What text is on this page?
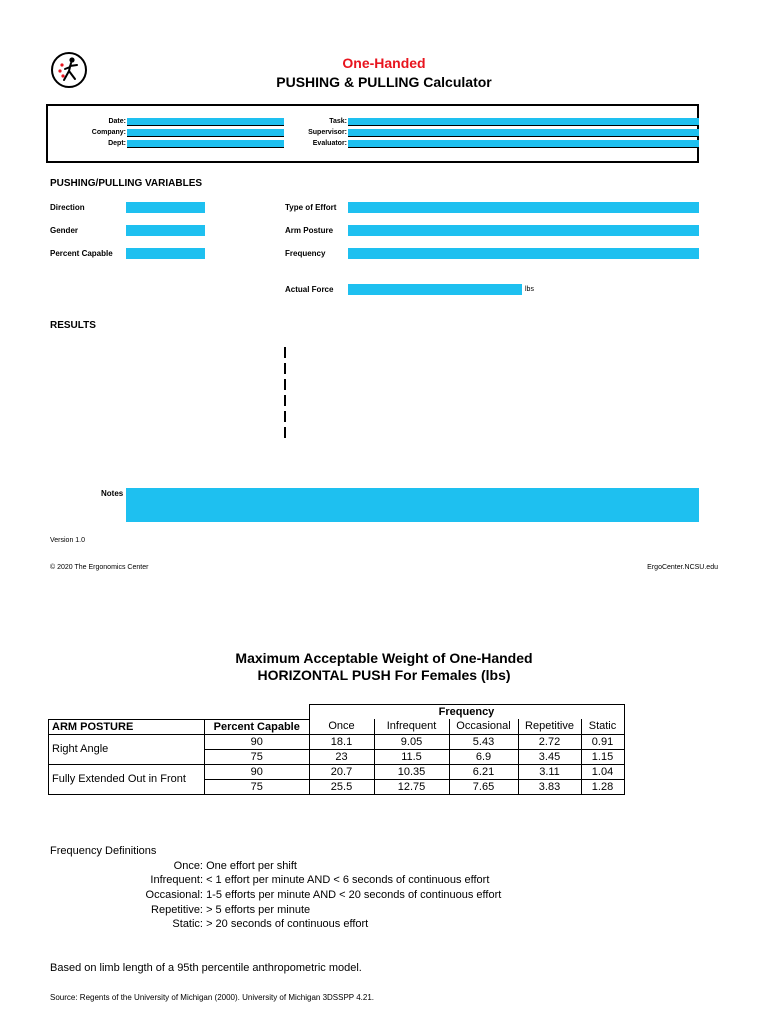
One-Handed
PUSHING & PULLING Calculator
Date:
Company:
Dept:
Task:
Supervisor:
Evaluator:
PUSHING/PULLING VARIABLES
Direction
Gender
Percent Capable
Type of Effort
Arm Posture
Frequency
Actual Force	lbs
RESULTS
Notes
Version 1.0
© 2020 The Ergonomics Center	ErgoCenter.NCSU.edu
Maximum Acceptable Weight of One-Handed
HORIZONTAL PUSH For Females (lbs)
		Frequency				
ARM POSTURE	Percent Capable	Once	Infrequent	Occasional	Repetitive	Static
Right Angle	90	18.1	9.05	5.43	2.72	0.91
	75	23	11.5	6.9	3.45	1.15
Fully Extended Out in Front	90	20.7	10.35	6.21	3.11	1.04
	75	25.5	12.75	7.65	3.83	1.28
Frequency Definitions
Once: One effort per shift
Infrequent: < 1 effort per minute AND < 6 seconds of continuous effort
Occasional: 1-5 efforts per minute AND < 20 seconds of continuous effort
Repetitive: > 5 efforts per minute
Static: > 20 seconds of continuous effort
Based on limb length of a 95th percentile anthropometric model.
Source: Regents of the University of Michigan (2000). University of Michigan 3DSSPP 4.21.
